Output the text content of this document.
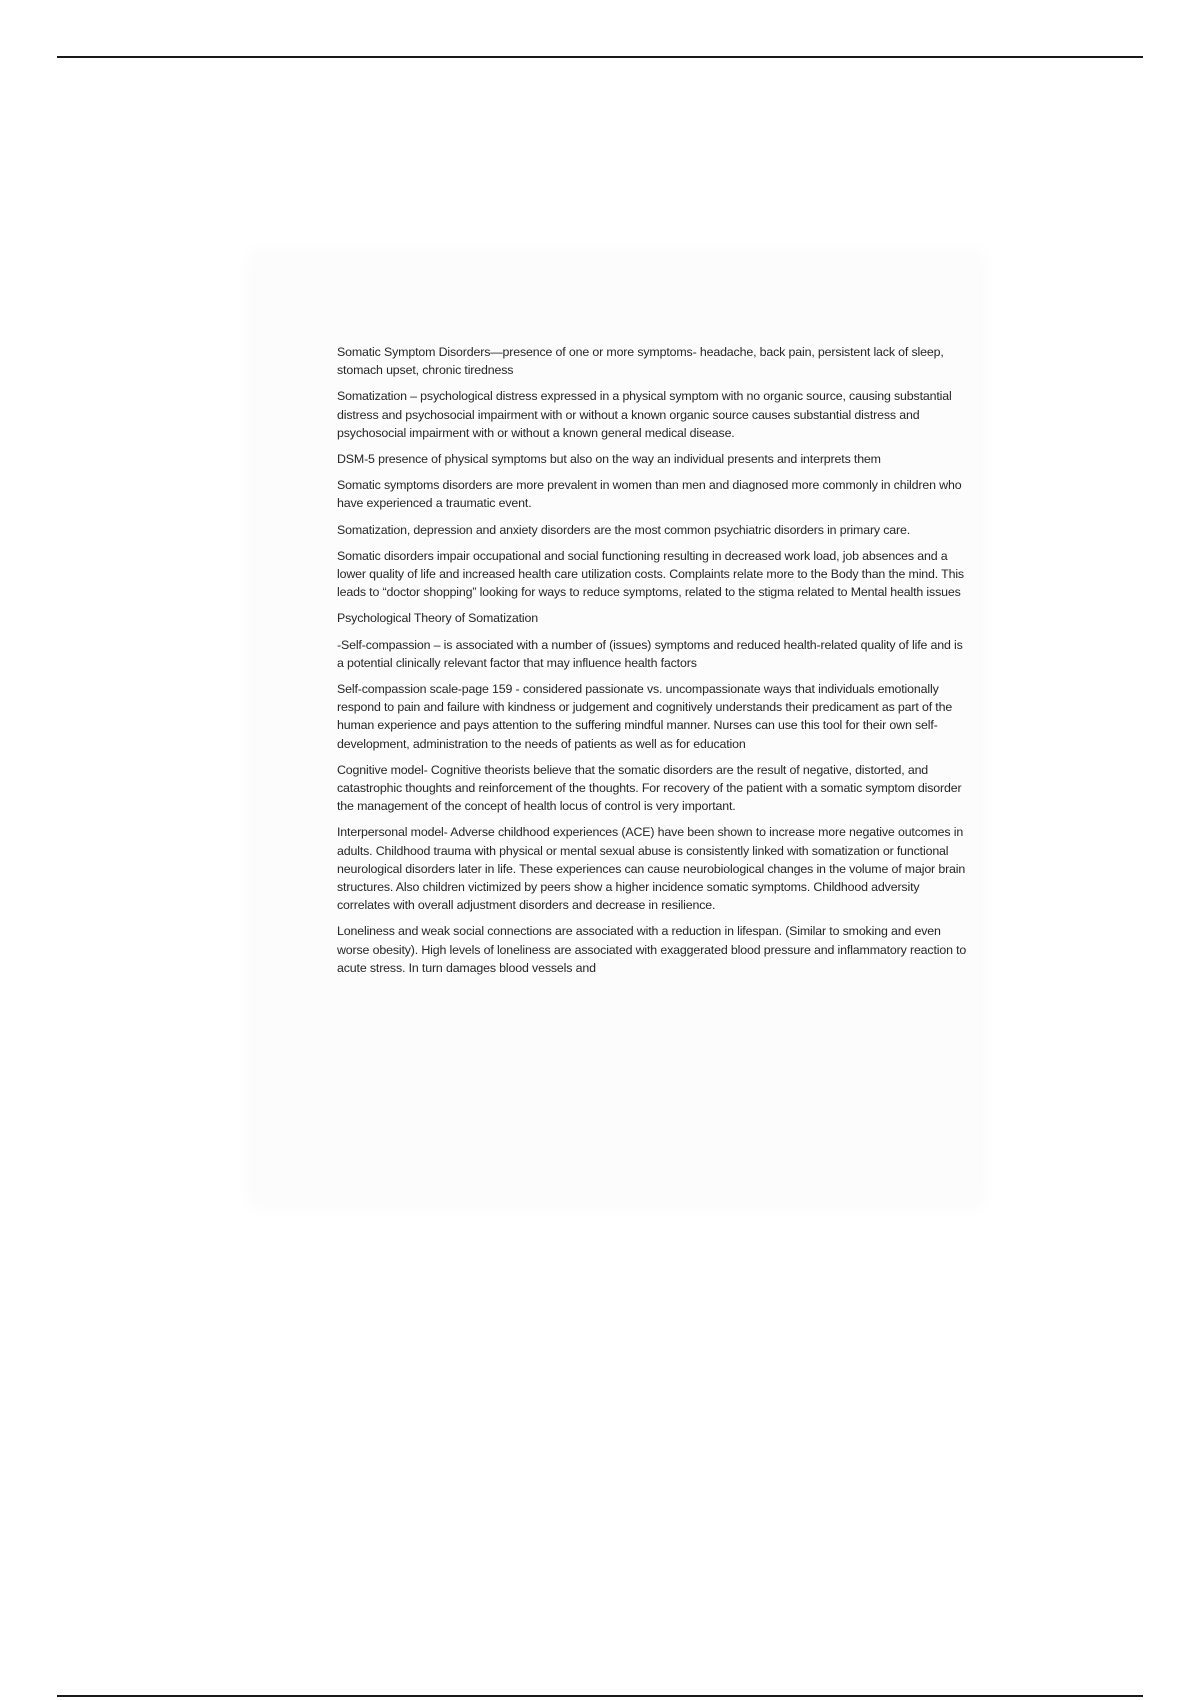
Somatic Symptom Disorders—presence of one or more symptoms- headache, back pain, persistent lack of sleep, stomach upset, chronic tiredness

Somatization – psychological distress expressed in a physical symptom with no organic source, causing substantial distress and psychosocial impairment with or without a known organic source causes substantial distress and psychosocial impairment with or without a known general medical disease.

DSM-5 presence of physical symptoms but also on the way an individual presents and interprets them

Somatic symptoms disorders are more prevalent in women than men and diagnosed more commonly in children who have experienced a traumatic event.

Somatization, depression and anxiety disorders are the most common psychiatric disorders in primary care.

Somatic disorders impair occupational and social functioning resulting in decreased work load, job absences and a lower quality of life and increased health care utilization costs. Complaints relate more to the Body than the mind. This leads to “doctor shopping” looking for ways to reduce symptoms, related to the stigma related to Mental health issues

Psychological Theory of Somatization

-Self-compassion – is associated with a number of (issues) symptoms and reduced health-related quality of life and is a potential clinically relevant factor that may influence health factors

Self-compassion scale-page 159 - considered passionate vs. uncompassionate ways that individuals emotionally respond to pain and failure with kindness or judgement and cognitively understands their predicament as part of the human experience and pays attention to the suffering mindful manner. Nurses can use this tool for their own self-development, administration to the needs of patients as well as for education

Cognitive model- Cognitive theorists believe that the somatic disorders are the result of negative, distorted, and catastrophic thoughts and reinforcement of the thoughts. For recovery of the patient with a somatic symptom disorder the management of the concept of health locus of control is very important.

Interpersonal model- Adverse childhood experiences (ACE) have been shown to increase more negative outcomes in adults. Childhood trauma with physical or mental sexual abuse is consistently linked with somatization or functional neurological disorders later in life. These experiences can cause neurobiological changes in the volume of major brain structures. Also children victimized by peers show a higher incidence somatic symptoms. Childhood adversity correlates with overall adjustment disorders and decrease in resilience.

Loneliness and weak social connections are associated with a reduction in lifespan. (Similar to smoking and even worse obesity). High levels of loneliness are associated with exaggerated blood pressure and inflammatory reaction to acute stress. In turn damages blood vessels and
